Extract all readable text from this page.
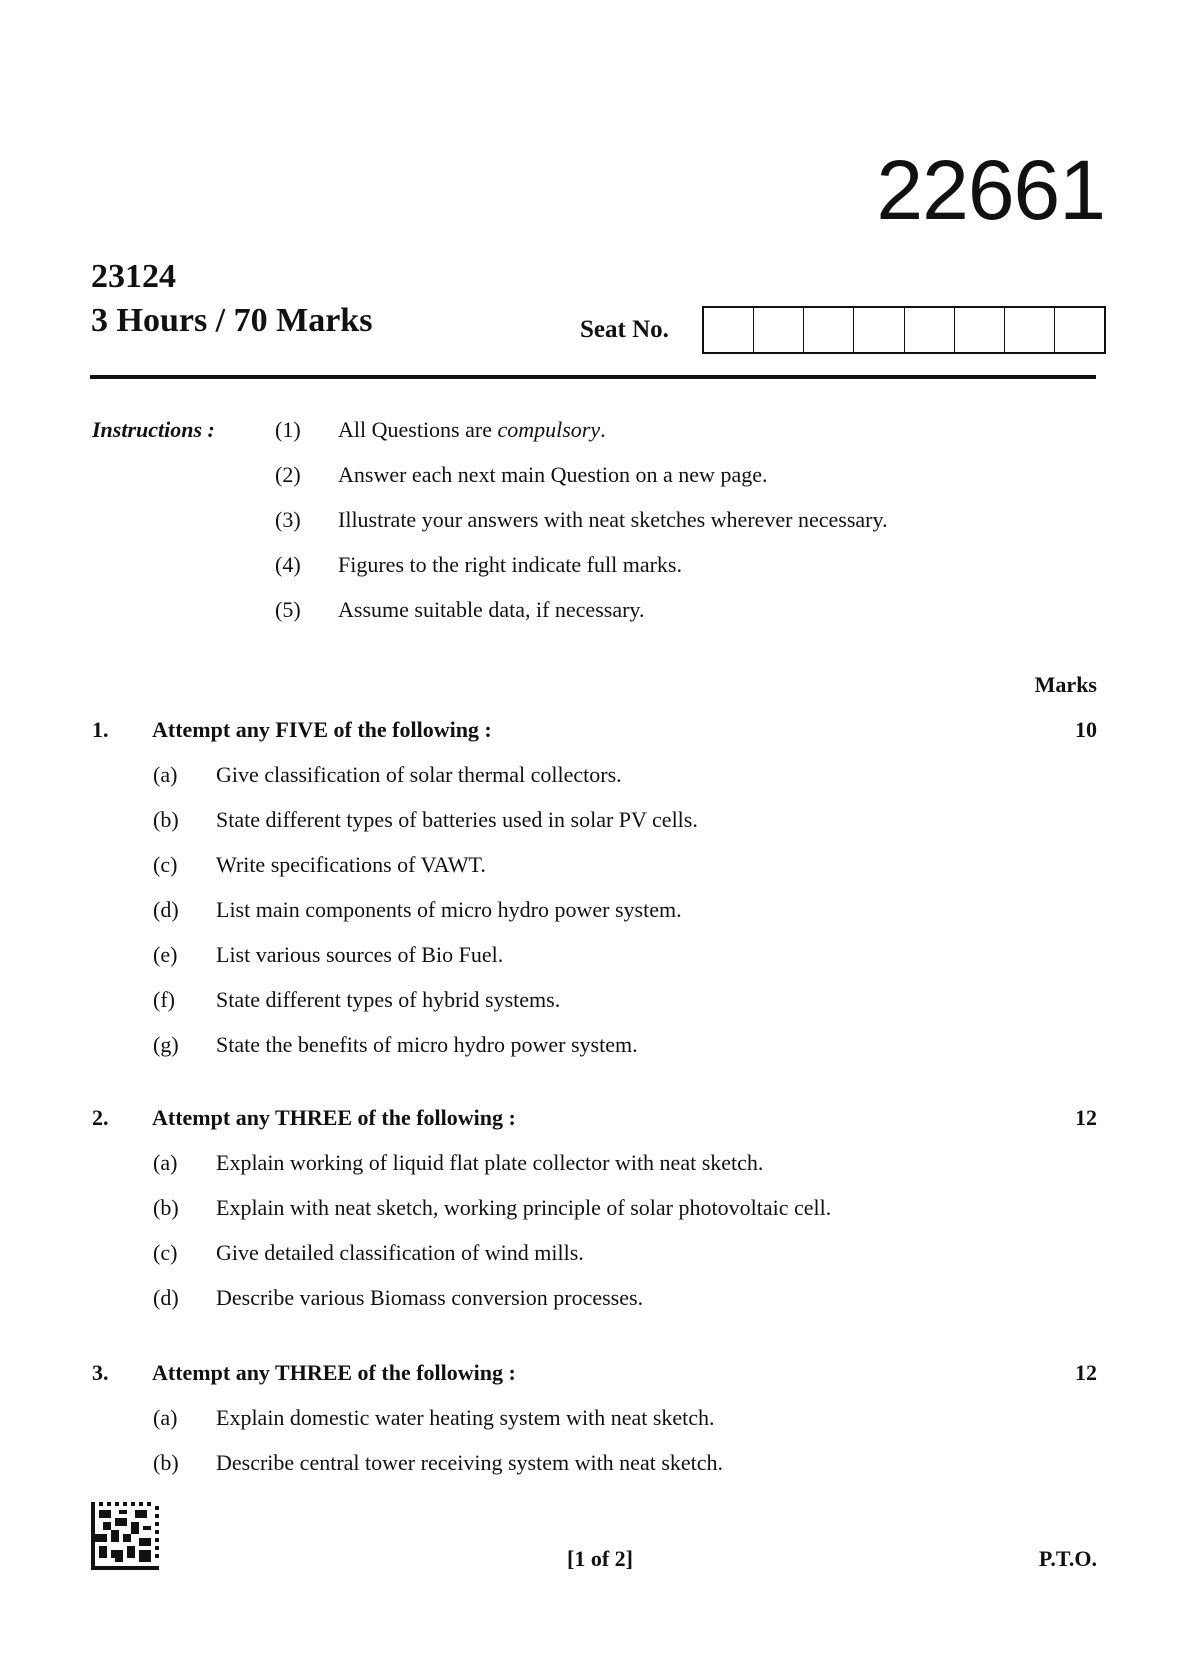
22661
23124
3 Hours / 70 Marks	Seat No.
Instructions :	(1) All Questions are compulsory.
(2) Answer each next main Question on a new page.
(3) Illustrate your answers with neat sketches wherever necessary.
(4) Figures to the right indicate full marks.
(5) Assume suitable data, if necessary.
Marks
1. Attempt any FIVE of the following :	10
(a) Give classification of solar thermal collectors.
(b) State different types of batteries used in solar PV cells.
(c) Write specifications of VAWT.
(d) List main components of micro hydro power system.
(e) List various sources of Bio Fuel.
(f) State different types of hybrid systems.
(g) State the benefits of micro hydro power system.
2. Attempt any THREE of the following :	12
(a) Explain working of liquid flat plate collector with neat sketch.
(b) Explain with neat sketch, working principle of solar photovoltaic cell.
(c) Give detailed classification of wind mills.
(d) Describe various Biomass conversion processes.
3. Attempt any THREE of the following :	12
(a) Explain domestic water heating system with neat sketch.
(b) Describe central tower receiving system with neat sketch.
[1 of 2]	P.T.O.
